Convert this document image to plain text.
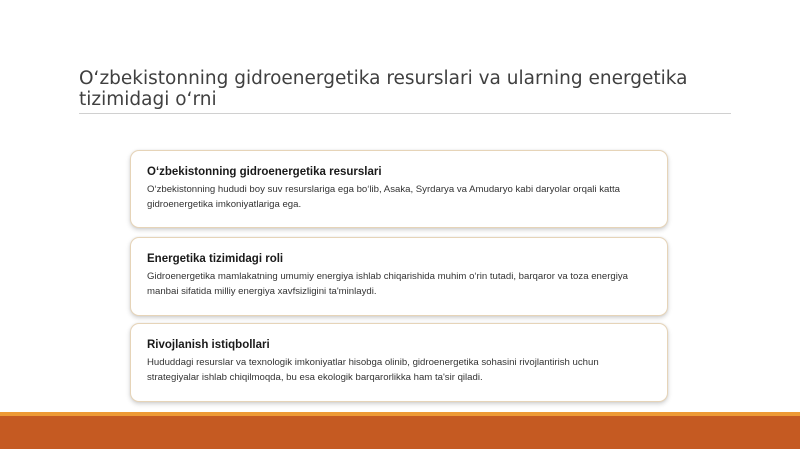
O‘zbekistonning gidroenergetika resurslari va ularning energetika tizimidagi o‘rni

O‘zbekistonning gidroenergetika resurslari

O‘zbekistonning hududi boy suv resurslariga ega bo‘lib, Asaka, Syrdarya va Amudaryo kabi daryolar orqali katta gidroenergetika imkoniyatlariga ega.

Energetika tizimidagi roli

Gidroenergetika mamlakatning umumiy energiya ishlab chiqarishida muhim o‘rin tutadi, barqaror va toza energiya manbai sifatida milliy energiya xavfsizligini ta'minlaydi.

Rivojlanish istiqbollari

Hududdagi resurslar va texnologik imkoniyatlar hisobga olinib, gidroenergetika sohasini rivojlantirish uchun strategiyalar ishlab chiqilmoqda, bu esa ekologik barqarorlikka ham ta'sir qiladi.
